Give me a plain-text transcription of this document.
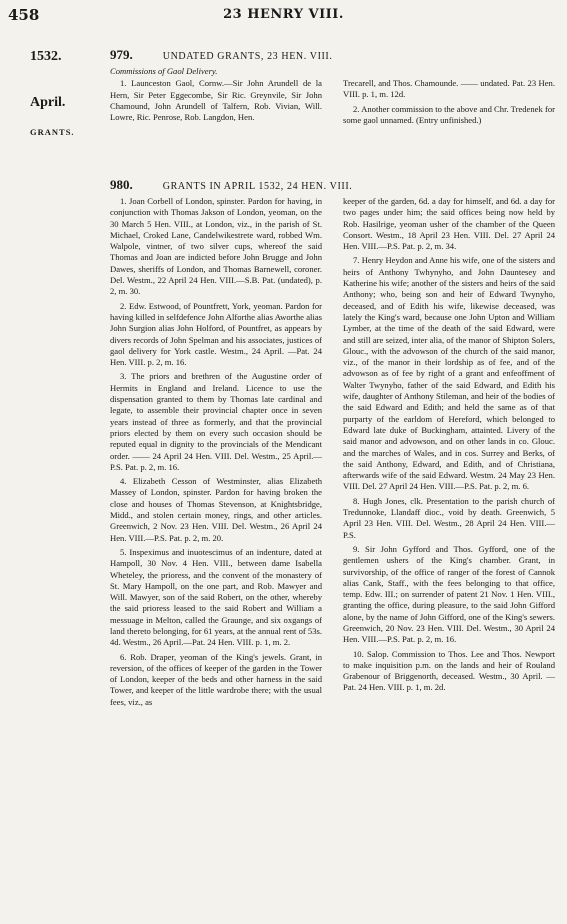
458	23 HENRY VIII.
1532.
April.
GRANTS.
979.	UNDATED GRANTS, 23 HEN. VIII.

Commissions of Gaol Delivery.

1. Launceston Gaol, Cornw.—Sir John Arundell de la Hern, Sir Peter Eggecombe, Sir Ric. Greynvile, Sir John Chamound, John Arundell of Talfern, Rob. Vivian, Will. Lowre, Ric. Penrose, Rob. Langdon, Hen.

Trecarell, and Thos. Chamounde. —— undated. Pat. 23 Hen. VIII. p. 1, m. 12d.

2. Another commission to the above and Chr. Tredenek for some gaol unnamed. (Entry unfinished.)

980.	GRANTS IN APRIL 1532, 24 HEN. VIII.

1. Joan Corbell of London, spinster. Pardon for having, in conjunction with Thomas Jakson of London, yeoman, on the 30 March 5 Hen. VIII., at London, viz., in the parish of St. Michael, Croked Lane, Candelwikestrete ward, robbed Wm. Walpole, vintner, of two silver cups, whereof the said Thomas and Joan are indicted before John Brugge and John Dawes, sheriffs of London, and Thomas Barnewell, coroner. Del. Westm., 22 April 24 Hen. VIII.—S.B. Pat. (undated), p. 2, m. 30.

2. Edw. Estwood, of Pountfrett, York, yeoman. Pardon for having killed in selfdefence John Alforthe alias Aworthe alias John Surgion alias John Holford, of Pountfret, as appears by divers records of John Spelman and his associates, justices of gaol delivery for York castle. Westm., 24 April. —Pat. 24 Hen. VIII. p. 2, m. 16.

3. The priors and brethren of the Augustine order of Hermits in England and Ireland. Licence to use the dispensation granted to them by Thomas late cardinal and legate, to assemble their provincial chapter once in seven years instead of three as formerly, and that the provincial priors elected by them on every such occasion should be reputed equal in dignity to the provincials of the Mendicant order. —— 24 April 24 Hen. VIII. Del. Westm., 25 April.—P.S. Pat. p. 2, m. 16.

4. Elizabeth Cesson of Westminster, alias Elizabeth Massey of London, spinster. Pardon for having broken the close and houses of Thomas Stevenson, at Knightsbridge, Midd., and stolen certain money, rings, and other articles. Greenwich, 2 Nov. 23 Hen. VIII. Del. Westm., 26 April 24 Hen. VIII.—P.S. Pat. p. 2, m. 20.

5. Inspeximus and inuotescimus of an indenture, dated at Hampoll, 30 Nov. 4 Hen. VIII., between dame Isabella Wheteley, the prioress, and the convent of the monastery of St. Mary Hampoll, on the one part, and Rob. Mawyer and Will. Mawyer, son of the said Robert, on the other, whereby the said prioress leased to the said Robert and William a messuage in Melton, called the Graunge, and six oxgangs of land thereto belonging, for 61 years, at the annual rent of 53s. 4d. Westm., 26 April.—Pat. 24 Hen. VIII. p. 1, m. 2.

6. Rob. Draper, yeoman of the King's jewels. Grant, in reversion, of the offices of keeper of the garden in the Tower of London, keeper of the beds and other harness in the said Tower, and keeper of the little wardrobe there; with the usual fees, viz., as

keeper of the garden, 6d. a day for himself, and 6d. a day for two pages under him; the said offices being now held by Rob. Hasilrige, yeoman usher of the chamber of the Queen Consort. Westm., 18 April 23 Hen. VIII. Del. 27 April 24 Hen. VIII.—P.S. Pat. p. 2, m. 34.

7. Henry Heydon and Anne his wife, one of the sisters and heirs of Anthony Twhynyho, and John Dauntesey and Katherine his wife; another of the sisters and heirs of the said Anthony; who, being son and heir of Edward Twynyho, deceased, and of Edith his wife, likewise deceased, was lately the King's ward, because one John Upton and William Lymber, at the time of the death of the said Edward, were and still are seized, inter alia, of the manor of Shipton Solers, Glouc., with the advowson of the church of the said manor, viz., of the manor in their lordship as of fee, and of the advowson as of fee by right of a grant and enfeoffment of Walter Twynyho, father of the said Edward, and Edith his wife, daughter of Anthony Stileman, and heir of the bodies of the said Edward and Edith; and held the same as of that purparty of the earldom of Hereford, which belonged to Edward late duke of Buckingham, attainted. Livery of the said manor and advowson, and on other lands in co. Glouc. and the marches of Wales, and in cos. Surrey and Berks, of the said Anthony, Edward, and Edith, and of Christiana, afterwards wife of the said Edward. Westm. 24 May 23 Hen. VIII. Del. 27 April 24 Hen. VIII.—P.S. Pat. p. 2, m. 6.

8. Hugh Jones, clk. Presentation to the parish church of Tredunnoke, Llandaff dioc., void by death. Greenwich, 5 April 23 Hen. VIII. Del. Westm., 28 April 24 Hen. VIII.—P.S.

9. Sir John Gyfford and Thos. Gyfford, one of the gentlemen ushers of the King's chamber. Grant, in survivorship, of the office of ranger of the forest of Cannok alias Cank, Staff., with the fees belonging to that office, temp. Edw. III.; on surrender of patent 21 Nov. 1 Hen. VIII., granting the office, during pleasure, to the said John Gifford alone, by the name of John Gifford, one of the King's sewers. Greenwich, 20 Nov. 23 Hen. VIII. Del. Westm., 30 April 24 Hen. VIII.—P.S. Pat. p. 2, m. 16.

10. Salop. Commission to Thos. Lee and Thos. Newport to make inquisition p.m. on the lands and heir of Rouland Grabenour of Briggenorth, deceased. Westm., 30 April. —Pat. 24 Hen. VIII. p. 1, m. 2d.
